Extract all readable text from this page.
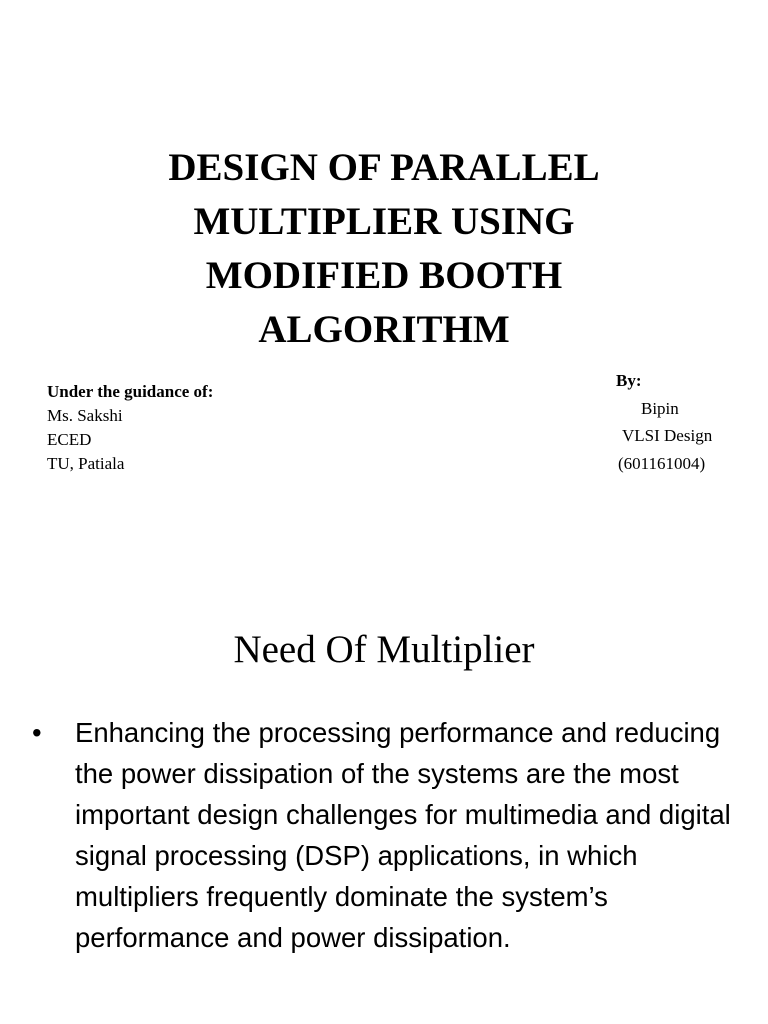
DESIGN OF PARALLEL
MULTIPLIER USING
MODIFIED BOOTH
ALGORITHM
Under the guidance of:
Ms. Sakshi
ECED
TU, Patiala
By:
Bipin
VLSI Design
(601161004)
Need Of Multiplier
• Enhancing the processing performance and reducing the power dissipation of the systems are the most important design challenges for multimedia and digital signal processing (DSP) applications, in which multipliers frequently dominate the system’s performance and power dissipation.
